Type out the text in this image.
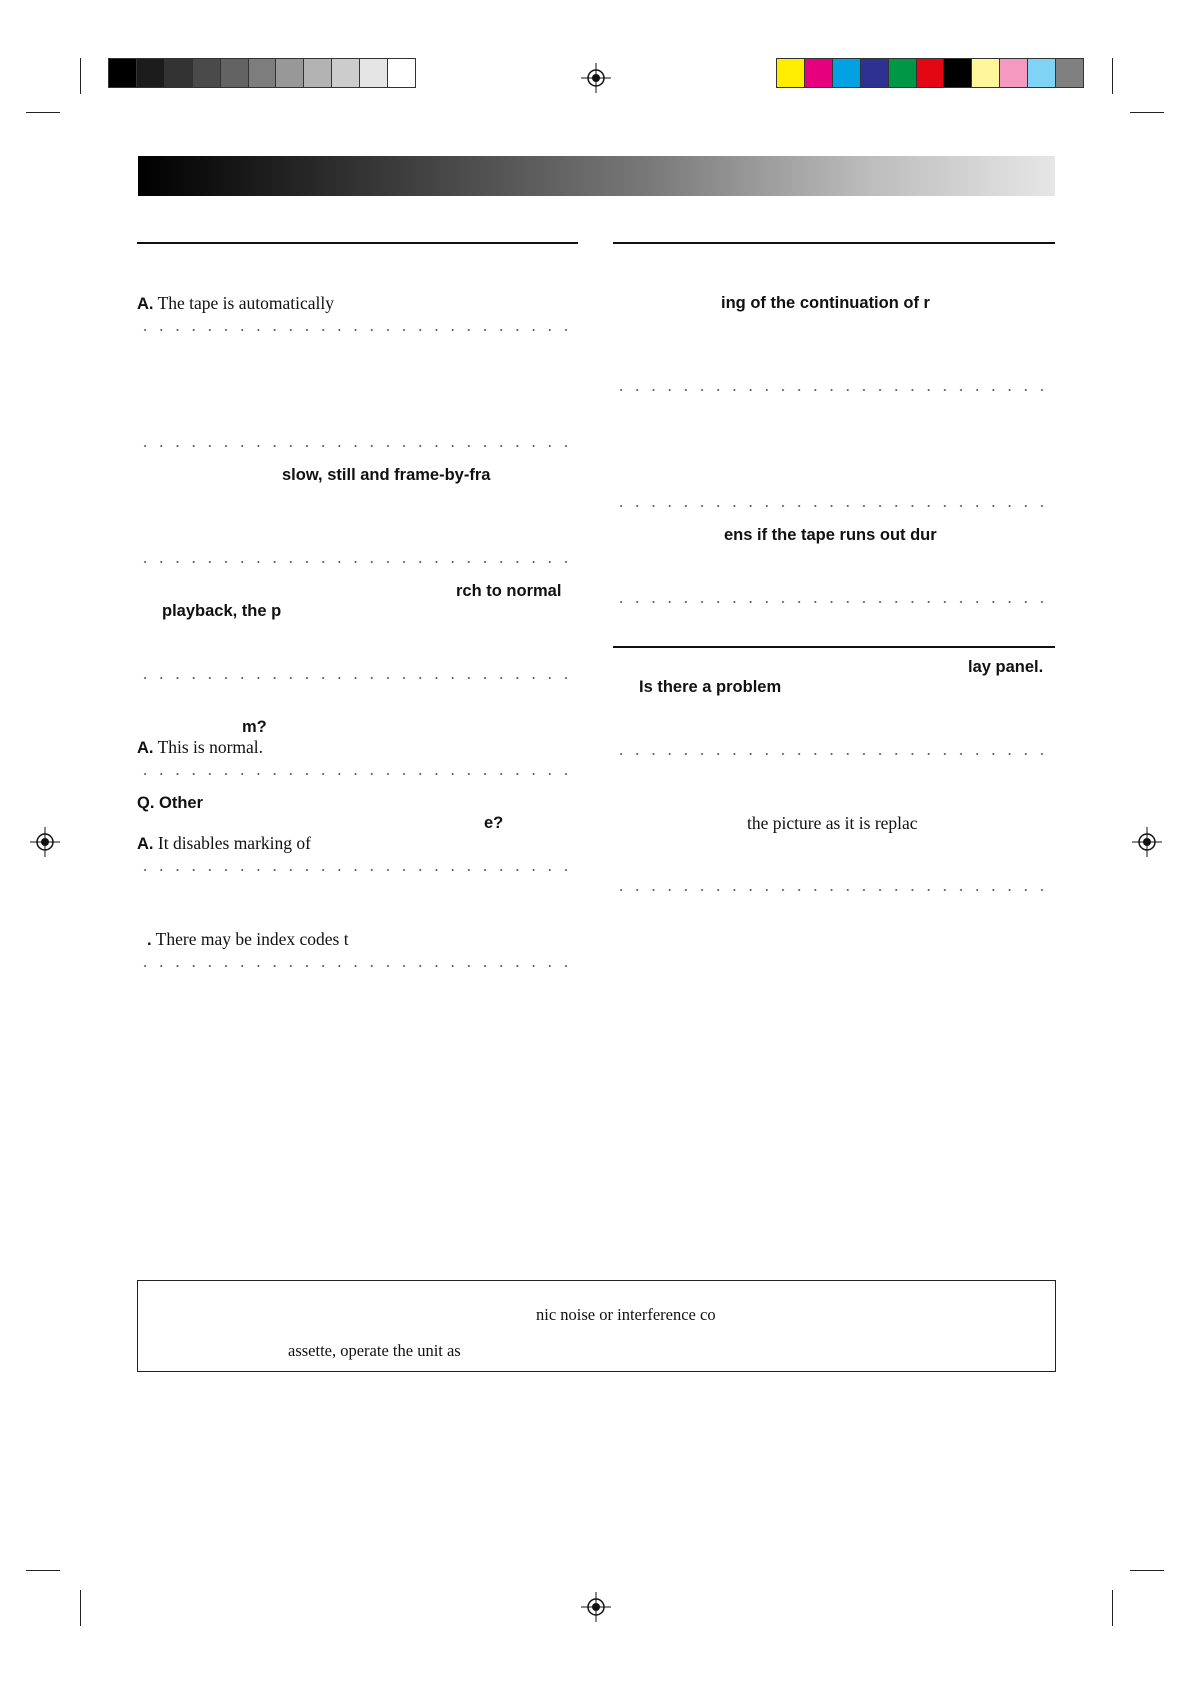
A. The tape is automatically
slow, still and frame-by-fra
rch to normal
playback, the p
m?
A. This is normal.
Q. Other
e?
A. It disables marking of
. There may be index codes t
ing of the continuation of r
ens if the tape runs out dur
lay panel.
Is there a problem
the picture as it is replac
nic noise or interference co
assette, operate the unit as
